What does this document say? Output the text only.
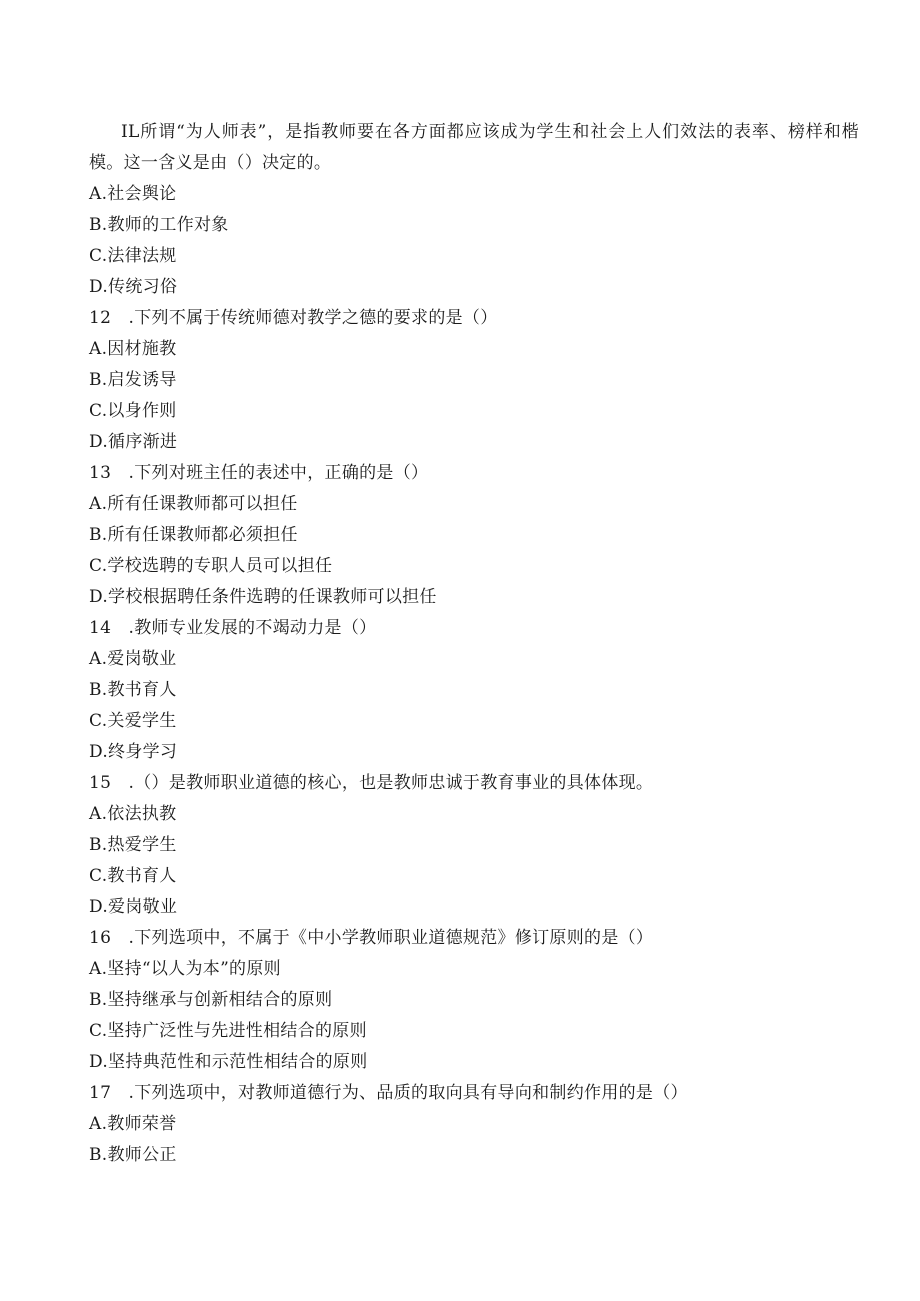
IL所谓“为人师表”，是指教师要在各方面都应该成为学生和社会上人们效法的表率、榜样和楷模。这一含义是由（）决定的。

A.社会舆论

B.教师的工作对象

C.法律法规

D.传统习俗

12　.下列不属于传统师德对教学之德的要求的是（）

A.因材施教

B.启发诱导

C.以身作则

D.循序渐进

13　.下列对班主任的表述中，正确的是（）

A.所有任课教师都可以担任

B.所有任课教师都必须担任

C.学校选聘的专职人员可以担任

D.学校根据聘任条件选聘的任课教师可以担任

14　.教师专业发展的不竭动力是（）

A.爱岗敬业

B.教书育人

C.关爱学生

D.终身学习

15　.（）是教师职业道德的核心，也是教师忠诚于教育事业的具体体现。

A.依法执教

B.热爱学生

C.教书育人

D.爱岗敬业

16　.下列选项中，不属于《中小学教师职业道德规范》修订原则的是（）

A.坚持“以人为本”的原则

B.坚持继承与创新相结合的原则

C.坚持广泛性与先进性相结合的原则

D.坚持典范性和示范性相结合的原则

17　.下列选项中，对教师道德行为、品质的取向具有导向和制约作用的是（）

A.教师荣誉

B.教师公正
